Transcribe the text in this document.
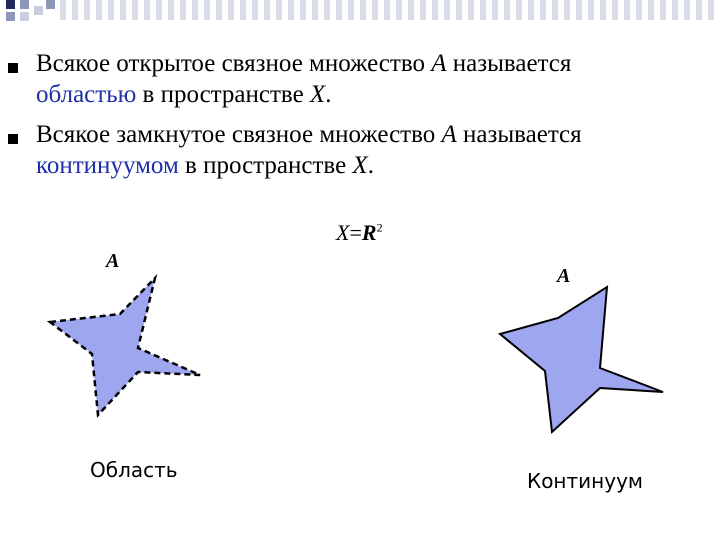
Всякое открытое связное множество A называется
областью в пространстве X.
Всякое замкнутое связное множество A называется
континуумом в пространстве X.
$X=R^2$
A
A
Область	Континуум
